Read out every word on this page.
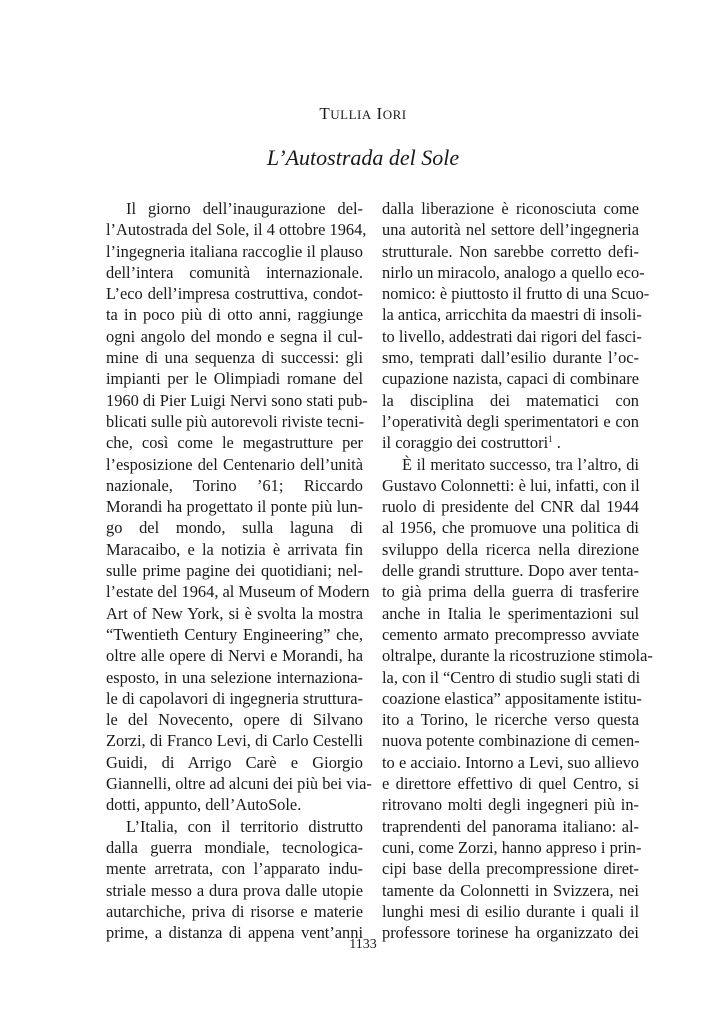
TULLIA IORI
L’Autostrada del Sole
Il giorno dell’inaugurazione del-
l’Autostrada del Sole, il 4 ottobre 1964,
l’ingegneria italiana raccoglie il plauso
dell’intera comunità internazionale.
L’eco dell’impresa costruttiva, condot-
ta in poco più di otto anni, raggiunge
ogni angolo del mondo e segna il cul-
mine di una sequenza di successi: gli
impianti per le Olimpiadi romane del
1960 di Pier Luigi Nervi sono stati pub-
blicati sulle più autorevoli riviste tecni-
che, così come le megastrutture per
l’esposizione del Centenario dell’unità
nazionale, Torino ’61; Riccardo
Morandi ha progettato il ponte più lun-
go del mondo, sulla laguna di
Maracaibo, e la notizia è arrivata fin
sulle prime pagine dei quotidiani; nel-
l’estate del 1964, al Museum of Modern
Art of New York, si è svolta la mostra
“Twentieth Century Engineering” che,
oltre alle opere di Nervi e Morandi, ha
esposto, in una selezione internaziona-
le di capolavori di ingegneria struttura-
le del Novecento, opere di Silvano
Zorzi, di Franco Levi, di Carlo Cestelli
Guidi, di Arrigo Carè e Giorgio
Giannelli, oltre ad alcuni dei più bei via-
dotti, appunto, dell’AutoSole.
L’Italia, con il territorio distrutto
dalla guerra mondiale, tecnologica-
mente arretrata, con l’apparato indu-
striale messo a dura prova dalle utopie
autarchiche, priva di risorse e materie
prime, a distanza di appena vent’anni
dalla liberazione è riconosciuta come
una autorità nel settore dell’ingegneria
strutturale. Non sarebbe corretto defi-
nirlo un miracolo, analogo a quello eco-
nomico: è piuttosto il frutto di una Scuo-
la antica, arricchita da maestri di insoli-
to livello, addestrati dai rigori del fasci-
smo, temprati dall’esilio durante l’oc-
cupazione nazista, capaci di combinare
la disciplina dei matematici con
l’operatività degli sperimentatori e con
il coraggio dei costruttori$^1$ .
È il meritato successo, tra l’altro, di
Gustavo Colonnetti: è lui, infatti, con il
ruolo di presidente del CNR dal 1944
al 1956, che promuove una politica di
sviluppo della ricerca nella direzione
delle grandi strutture. Dopo aver tenta-
to già prima della guerra di trasferire
anche in Italia le sperimentazioni sul
cemento armato precompresso avviate
oltralpe, durante la ricostruzione stimola-
la, con il “Centro di studio sugli stati di
coazione elastica” appositamente istitu-
ito a Torino, le ricerche verso questa
nuova potente combinazione di cemen-
to e acciaio. Intorno a Levi, suo allievo
e direttore effettivo di quel Centro, si
ritrovano molti degli ingegneri più in-
traprendenti del panorama italiano: al-
cuni, come Zorzi, hanno appreso i prin-
cipi base della precompressione diret-
tamente da Colonnetti in Svizzera, nei
lunghi mesi di esilio durante i quali il
professore torinese ha organizzato dei
1133
